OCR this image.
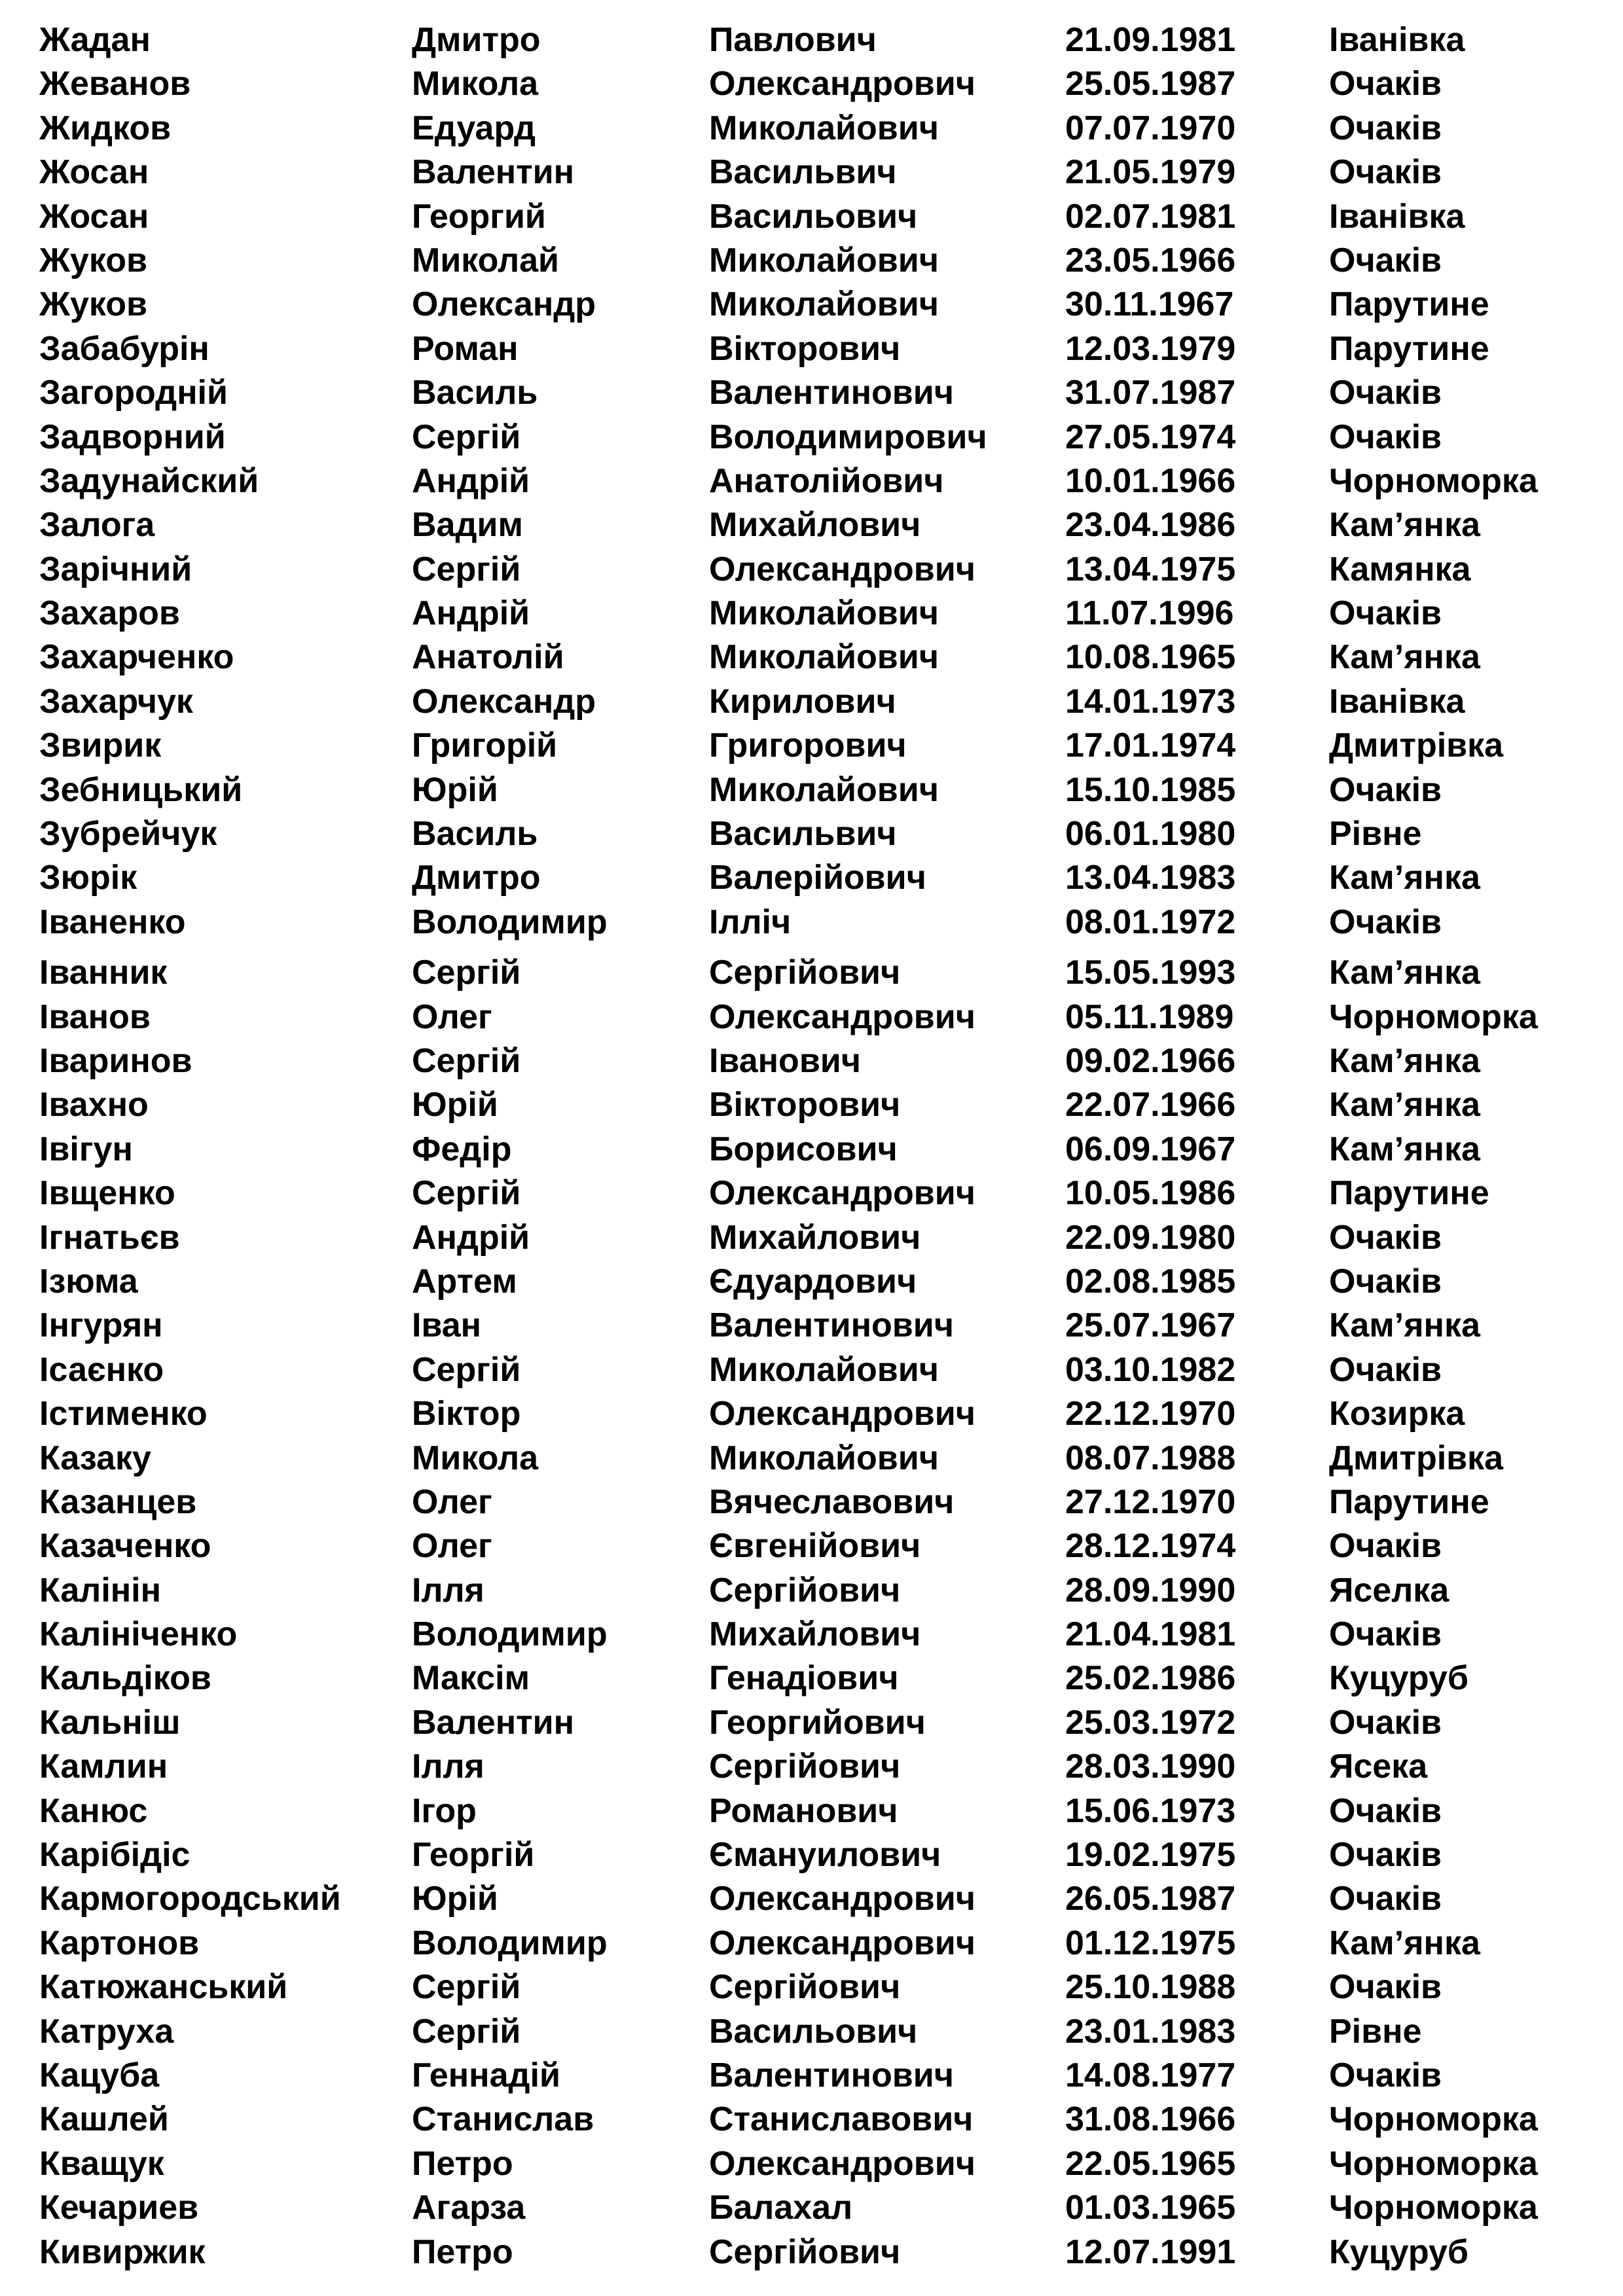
Жадан	Дмитро	Павлович	21.09.1981	Іванівка
Жеванов	Микола	Олександрович	25.05.1987	Очаків
Жидков	Едуард	Миколайович	07.07.1970	Очаків
Жосан	Валентин	Васильвич	21.05.1979	Очаків
Жосан	Георгий	Васильович	02.07.1981	Іванівка
Жуков	Миколай	Миколайович	23.05.1966	Очаків
Жуков	Олександр	Миколайович	30.11.1967	Парутине
Забабурін	Роман	Вікторович	12.03.1979	Парутине
Загородній	Василь	Валентинович	31.07.1987	Очаків
Задворний	Сергій	Володимирович 27.05.1974	Очаків
Задунайский	Андрій	Анатолійович	10.01.1966	Чорноморка
Залога	Вадим	Михайлович	23.04.1986	Кам’янка
Зарічний	Сергій	Олександрович	13.04.1975	Камянка
Захаров	Андрій	Миколайович	11.07.1996	Очаків
Захарченко	Анатолій	Миколайович	10.08.1965	Кам’янка
Захарчук	Олександр	Кирилович	14.01.1973	Іванівка
Звирик	Григорій	Григорович	17.01.1974	Дмитрівка
Зебницький	Юрій	Миколайович	15.10.1985	Очаків
Зубрейчук	Василь	Васильвич	06.01.1980	Рівне
Зюрік	Дмитро	Валерійович	13.04.1983	Кам’янка
Іваненко	Володимир	Ілліч	08.01.1972	Очаків
Іванник	Сергій	Сергійович	15.05.1993	Кам’янка
Іванов	Олег	Олександрович	05.11.1989	Чорноморка
Іваринов	Сергій	Іванович	09.02.1966	Кам’янка
Івахно	Юрій	Вікторович	22.07.1966	Кам’янка
Івігун	Федір	Борисович	06.09.1967	Кам’янка
Івщенко	Сергій	Олександрович	10.05.1986	Парутине
Ігнатьєв	Андрій	Михайлович	22.09.1980	Очаків
Ізюма	Артем	Єдуардович	02.08.1985	Очаків
Інгурян	Іван	Валентинович	25.07.1967	Кам’янка
Ісаєнко	Сергій	Миколайович	03.10.1982	Очаків
Істименко	Віктор	Олександрович	22.12.1970	Козирка
Казаку	Микола	Миколайович	08.07.1988	Дмитрівка
Казанцев	Олег	Вячеславович	27.12.1970	Парутине
Казаченко	Олег	Євгенійович	28.12.1974	Очаків
Калінін	Ілля	Сергійович	28.09.1990	Яселка
Калініченко	Володимир	Михайлович	21.04.1981	Очаків
Кальдіков	Максім	Генадіович	25.02.1986	Куцуруб
Кальніш	Валентин	Георгийович	25.03.1972	Очаків
Камлин	Ілля	Сергійович	28.03.1990	Ясека
Канюс	Ігор	Романович	15.06.1973	Очаків
Карібідіс	Георгій	Ємануилович	19.02.1975	Очаків
Кармогородський Юрій	Олександрович	26.05.1987	Очаків
Картонов	Володимир	Олександрович	01.12.1975	Кам’янка
Катюжанський	Сергій	Сергійович	25.10.1988	Очаків
Катруха	Сергій	Васильович	23.01.1983	Рівне
Кацуба	Геннадій	Валентинович	14.08.1977	Очаків
Кашлей	Станислав	Станиславович	31.08.1966	Чорноморка
Кващук	Петро	Олександрович	22.05.1965	Чорноморка
Кечариев	Агарза	Балахал	01.03.1965	Чорноморка
Кивиржик	Петро	Сергійович	12.07.1991	Куцуруб
